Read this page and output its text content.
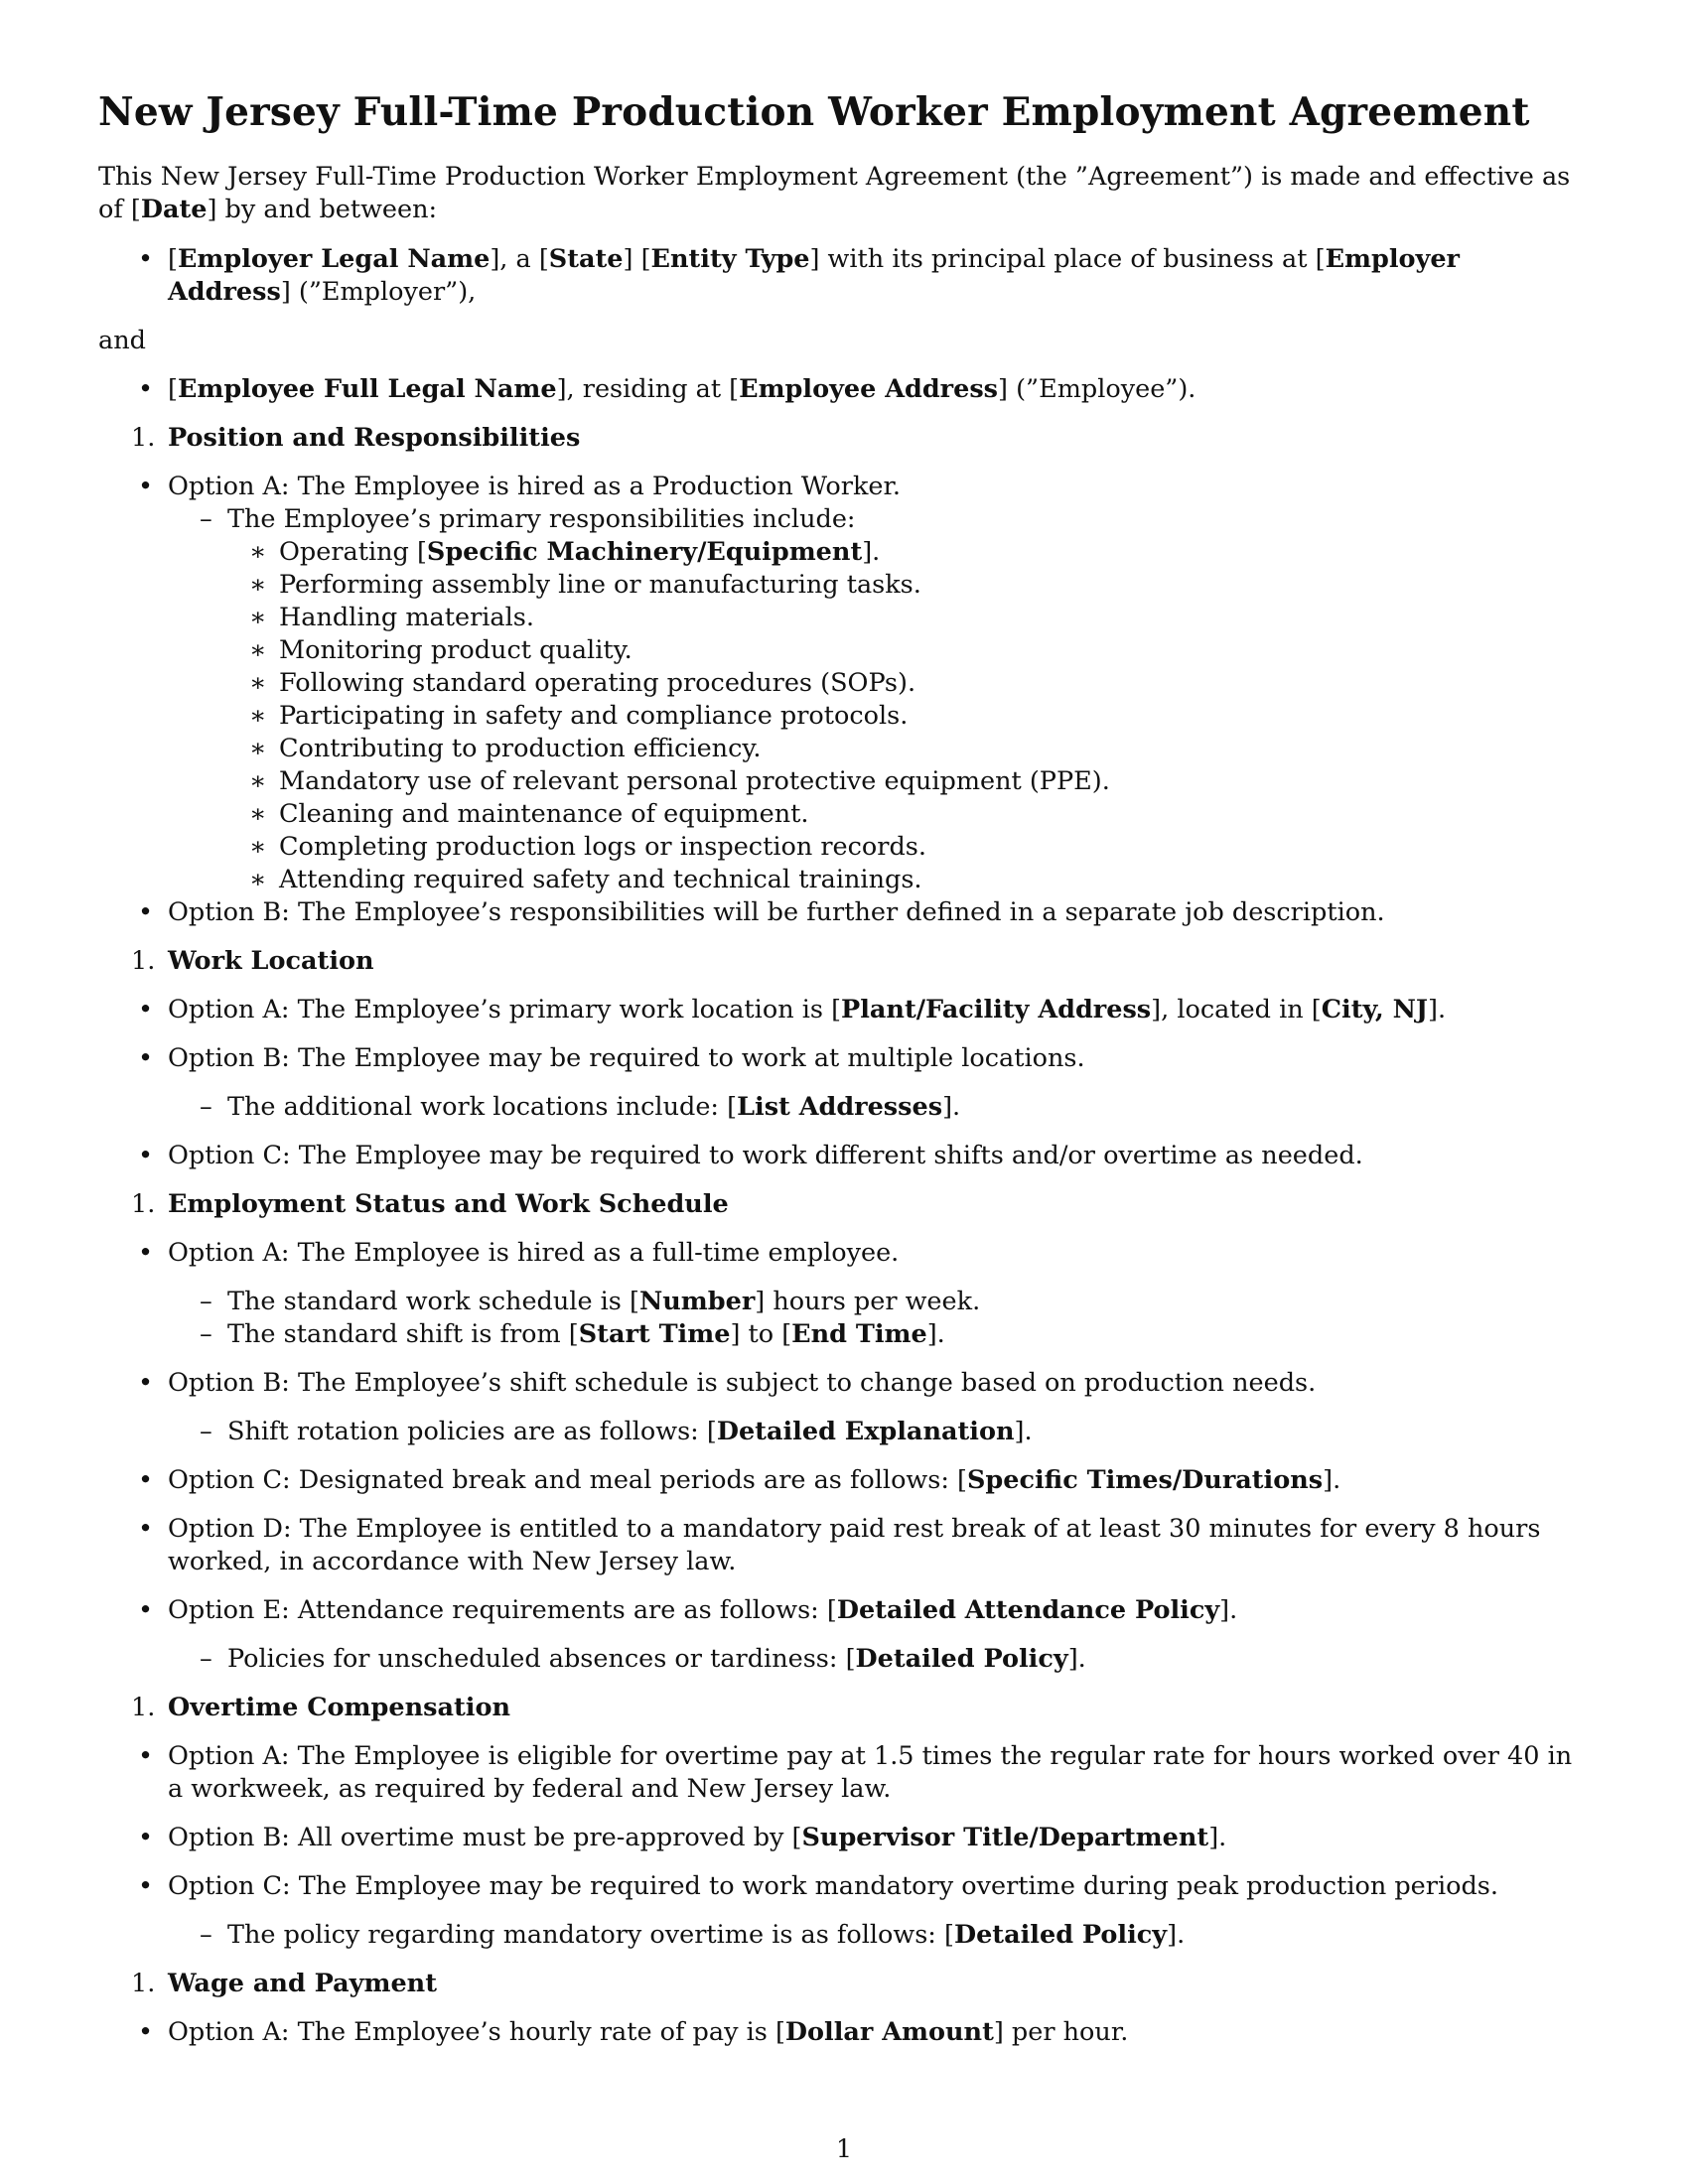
New Jersey Full-Time Production Worker Employment Agreement

This New Jersey Full-Time Production Worker Employment Agreement (the ”Agreement”) is made and effective as of [Date] by and between:

• [Employer Legal Name], a [State] [Entity Type] with its principal place of business at [Employer Address] (”Employer”),

and

• [Employee Full Legal Name], residing at [Employee Address] (”Employee”).
1. Position and Responsibilities
• Option A: The Employee is hired as a Production Worker.
– The Employee’s primary responsibilities include:
∗ Operating [Specific Machinery/Equipment].
∗ Performing assembly line or manufacturing tasks.
∗ Handling materials.
∗ Monitoring product quality.
∗ Following standard operating procedures (SOPs).
∗ Participating in safety and compliance protocols.
∗ Contributing to production efficiency.
∗ Mandatory use of relevant personal protective equipment (PPE).
∗ Cleaning and maintenance of equipment.
∗ Completing production logs or inspection records.
∗ Attending required safety and technical trainings.
• Option B: The Employee’s responsibilities will be further defined in a separate job description.
1. Work Location
• Option A: The Employee’s primary work location is [Plant/Facility Address], located in [City, NJ].
• Option B: The Employee may be required to work at multiple locations.
– The additional work locations include: [List Addresses].
• Option C: The Employee may be required to work different shifts and/or overtime as needed.
1. Employment Status and Work Schedule
• Option A: The Employee is hired as a full-time employee.
– The standard work schedule is [Number] hours per week.
– The standard shift is from [Start Time] to [End Time].
• Option B: The Employee’s shift schedule is subject to change based on production needs.
– Shift rotation policies are as follows: [Detailed Explanation].
• Option C: Designated break and meal periods are as follows: [Specific Times/Durations].
• Option D: The Employee is entitled to a mandatory paid rest break of at least 30 minutes for every 8 hours worked, in accordance with New Jersey law.
• Option E: Attendance requirements are as follows: [Detailed Attendance Policy].
– Policies for unscheduled absences or tardiness: [Detailed Policy].
1. Overtime Compensation
• Option A: The Employee is eligible for overtime pay at 1.5 times the regular rate for hours worked over 40 in a workweek, as required by federal and New Jersey law.
• Option B: All overtime must be pre-approved by [Supervisor Title/Department].
• Option C: The Employee may be required to work mandatory overtime during peak production periods.
– The policy regarding mandatory overtime is as follows: [Detailed Policy].
1. Wage and Payment
• Option A: The Employee’s hourly rate of pay is [Dollar Amount] per hour.
1
